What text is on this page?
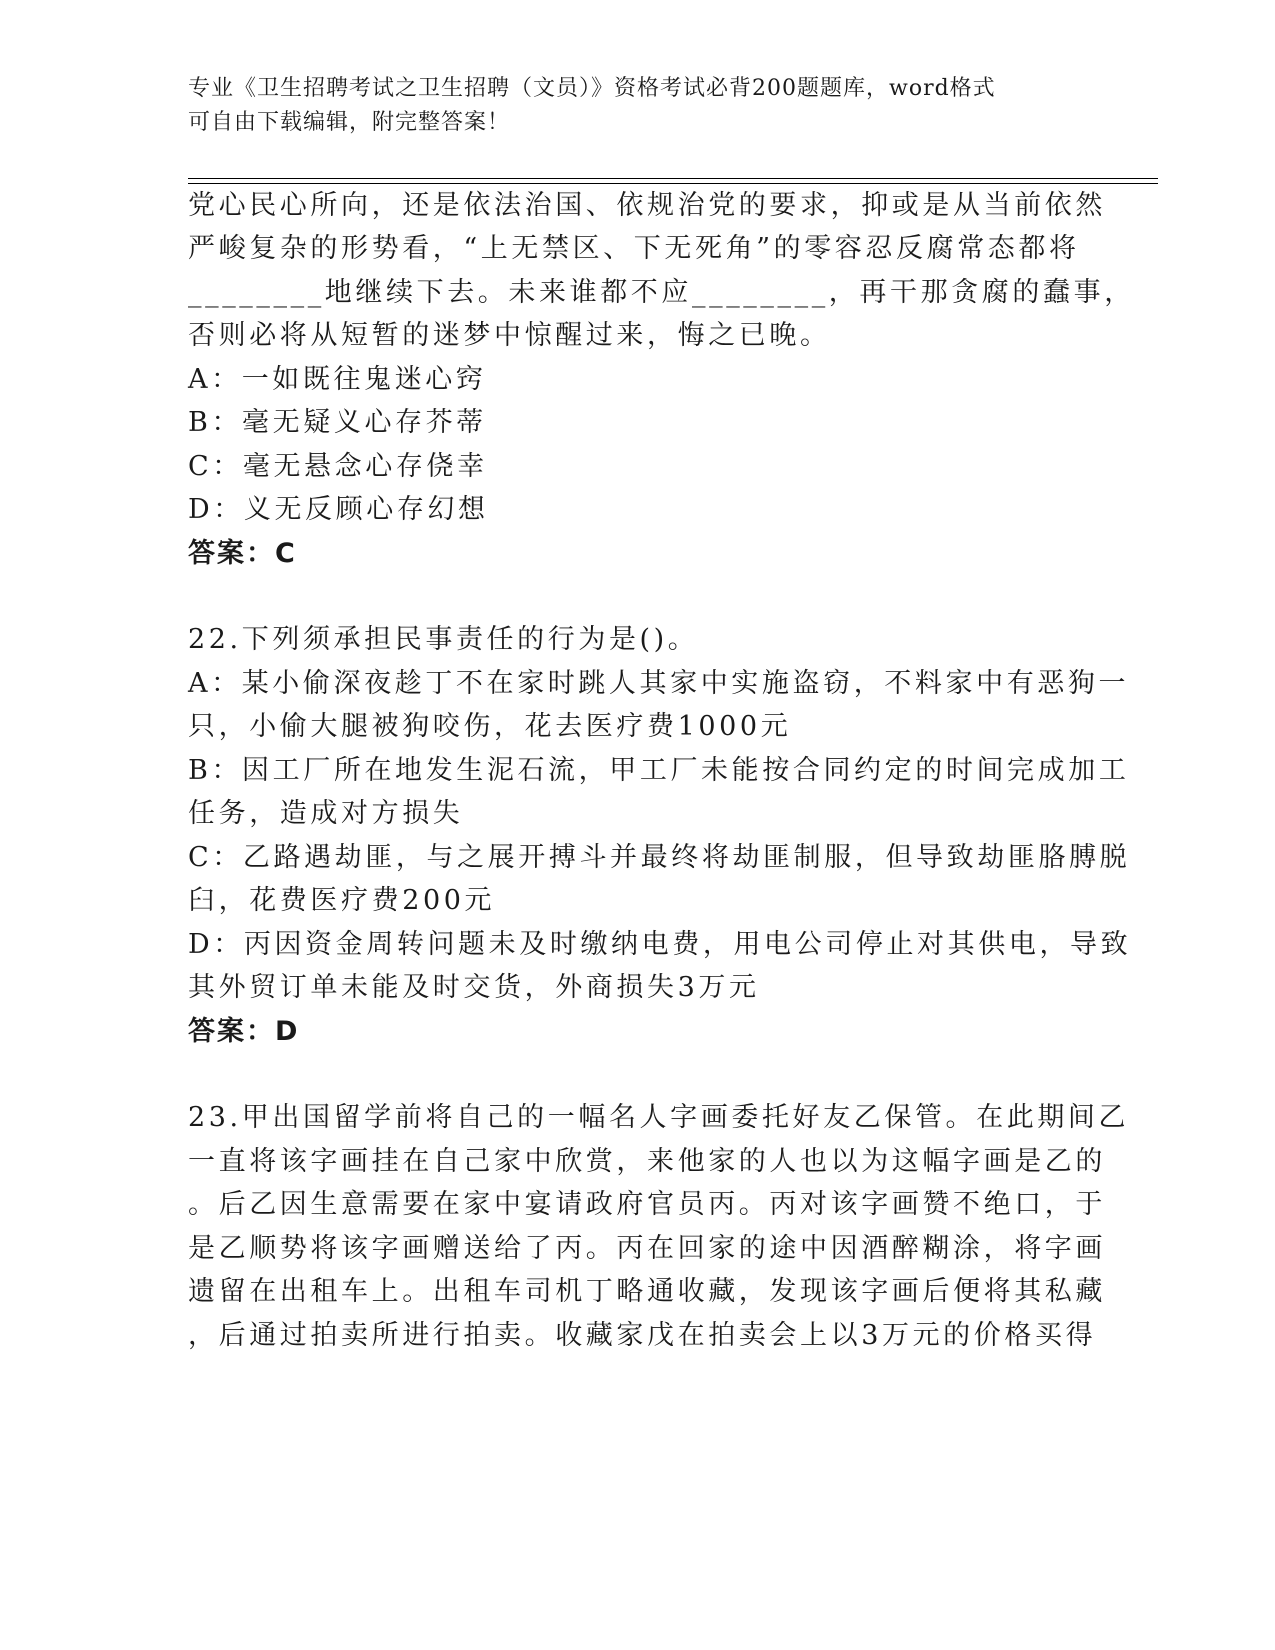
专业《卫生招聘考试之卫生招聘（文员）》资格考试必背200题题库，word格式
可自由下载编辑，附完整答案！
党心民心所向，还是依法治国、依规治党的要求，抑或是从当前依然
严峻复杂的形势看，“上无禁区、下无死角”的零容忍反腐常态都将
________地继续下去。未来谁都不应________，再干那贪腐的蠢事，
否则必将从短暂的迷梦中惊醒过来，悔之已晚。
A：一如既往鬼迷心窍
B：毫无疑义心存芥蒂
C：毫无悬念心存侥幸
D：义无反顾心存幻想
答案：C
22.下列须承担民事责任的行为是()。
A：某小偷深夜趁丁不在家时跳人其家中实施盗窃，不料家中有恶狗一
只，小偷大腿被狗咬伤，花去医疗费1000元
B：因工厂所在地发生泥石流，甲工厂未能按合同约定的时间完成加工
任务，造成对方损失
C：乙路遇劫匪，与之展开搏斗并最终将劫匪制服，但导致劫匪胳膊脱
臼，花费医疗费200元
D：丙因资金周转问题未及时缴纳电费，用电公司停止对其供电，导致
其外贸订单未能及时交货，外商损失3万元
答案：D
23.甲出国留学前将自己的一幅名人字画委托好友乙保管。在此期间乙
一直将该字画挂在自己家中欣赏，来他家的人也以为这幅字画是乙的
。后乙因生意需要在家中宴请政府官员丙。丙对该字画赞不绝口，于
是乙顺势将该字画赠送给了丙。丙在回家的途中因酒醉糊涂，将字画
遗留在出租车上。出租车司机丁略通收藏，发现该字画后便将其私藏
，后通过拍卖所进行拍卖。收藏家戊在拍卖会上以3万元的价格买得
